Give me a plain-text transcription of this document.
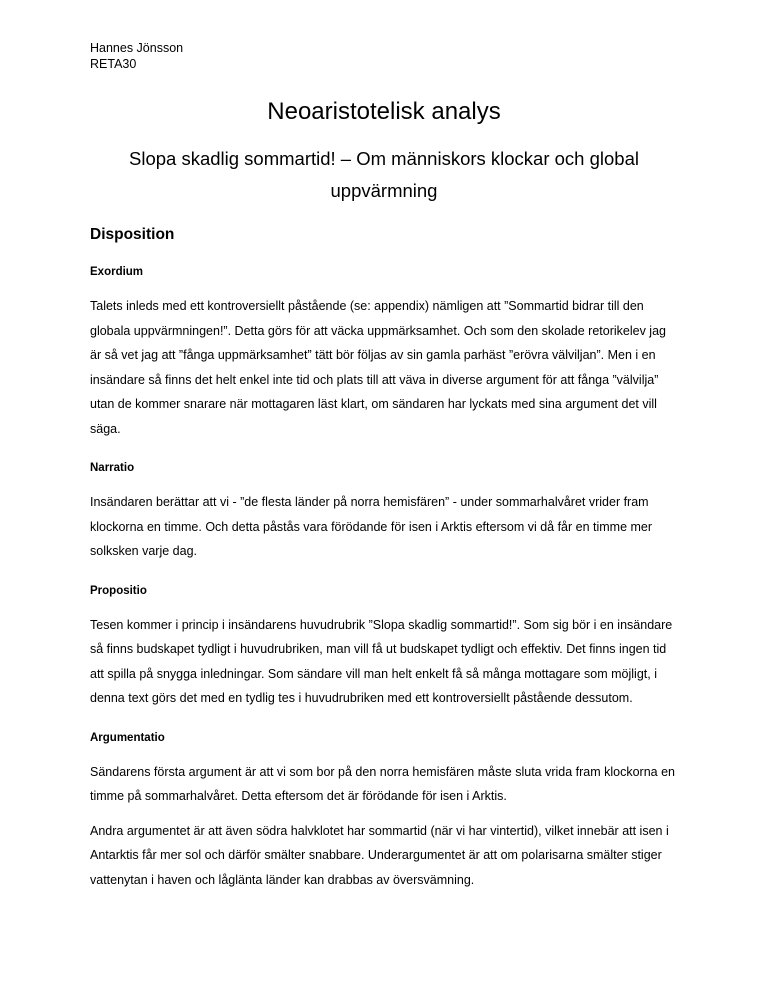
Hannes Jönsson

RETA30

Neoaristotelisk analys
Slopa skadlig sommartid! – Om människors klockar och global uppvärmning
Disposition
Exordium

Talets inleds med ett kontroversiellt påstående (se: appendix) nämligen att ”Sommartid bidrar till den globala uppvärmningen!”. Detta görs för att väcka uppmärksamhet. Och som den skolade retorikelev jag är så vet jag att ”fånga uppmärksamhet” tätt bör följas av sin gamla parhäst ”erövra välviljan”. Men i en insändare så finns det helt enkel inte tid och plats till att väva in diverse argument för att fånga ”välvilja” utan de kommer snarare när mottagaren läst klart, om sändaren har lyckats med sina argument det vill säga.

Narratio

Insändaren berättar att vi - ”de flesta länder på norra hemisfären” - under sommarhalvåret vrider fram klockorna en timme. Och detta påstås vara förödande för isen i Arktis eftersom vi då får en timme mer solksken varje dag.

Propositio

Tesen kommer i princip i insändarens huvudrubrik ”Slopa skadlig sommartid!”. Som sig bör i en insändare så finns budskapet tydligt i huvudrubriken, man vill få ut budskapet tydligt och effektiv. Det finns ingen tid att spilla på snygga inledningar. Som sändare vill man helt enkelt få så många mottagare som möjligt, i denna text görs det med en tydlig tes i huvudrubriken med ett kontroversiellt påstående dessutom.

Argumentatio

Sändarens första argument är att vi som bor på den norra hemisfären måste sluta vrida fram klockorna en timme på sommarhalvåret. Detta eftersom det är förödande för isen i Arktis.

Andra argumentet är att även södra halvklotet har sommartid (när vi har vintertid), vilket innebär att isen i Antarktis får mer sol och därför smälter snabbare. Underargumentet är att om polarisarna smälter stiger vattenytan i haven och låglänta länder kan drabbas av översvämning.
